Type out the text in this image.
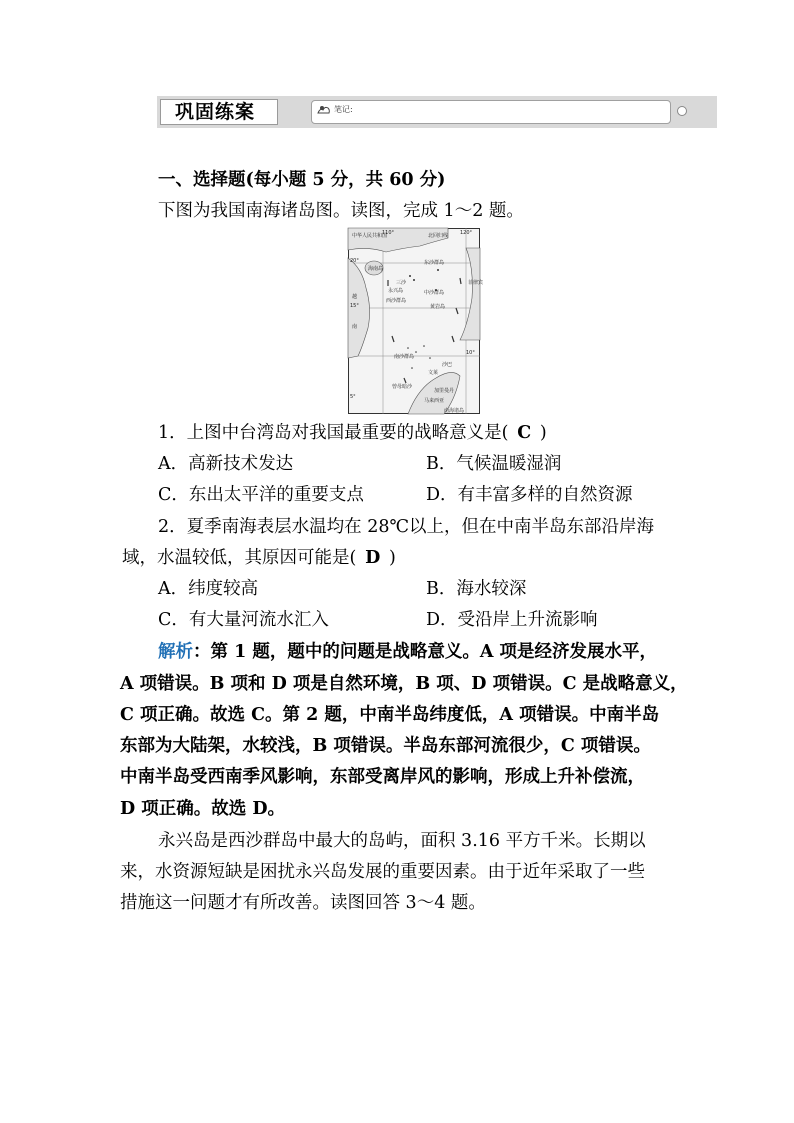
巩固练案	笔记:
一、选择题(每小题 5 分，共 60 分)
下图为我国南海诸岛图。读图，完成 1～2 题。
中华人民共和国	北回归线
110°	120°
20°
15°
10°
东沙群岛
海南岛
三沙
中沙群岛
永兴岛
西沙群岛
黄岩岛
菲律宾
越
南
南沙群岛
曾母暗沙
文莱
马来西亚
南海诸岛
5°
沙巴
加里曼丹
1．上图中台湾岛对我国最重要的战略意义是(  C  )
A．高新技术发达	B．气候温暖湿润
C．东出太平洋的重要支点	D．有丰富多样的自然资源
2．夏季南海表层水温均在 28℃以上，但在中南半岛东部沿岸海
域，水温较低，其原因可能是(  D  )
A．纬度较高	B．海水较深
C．有大量河流水汇入	D．受沿岸上升流影响
解析：第 1 题，题中的问题是战略意义。A 项是经济发展水平，
A 项错误。B 项和 D 项是自然环境，B 项、D 项错误。C 是战略意义，
C 项正确。故选 C。第 2 题，中南半岛纬度低，A 项错误。中南半岛
东部为大陆架，水较浅，B 项错误。半岛东部河流很少，C 项错误。
中南半岛受西南季风影响，东部受离岸风的影响，形成上升补偿流，
D 项正确。故选 D。
永兴岛是西沙群岛中最大的岛屿，面积 3.16 平方千米。长期以
来，水资源短缺是困扰永兴岛发展的重要因素。由于近年采取了一些
措施这一问题才有所改善。读图回答 3～4 题。
